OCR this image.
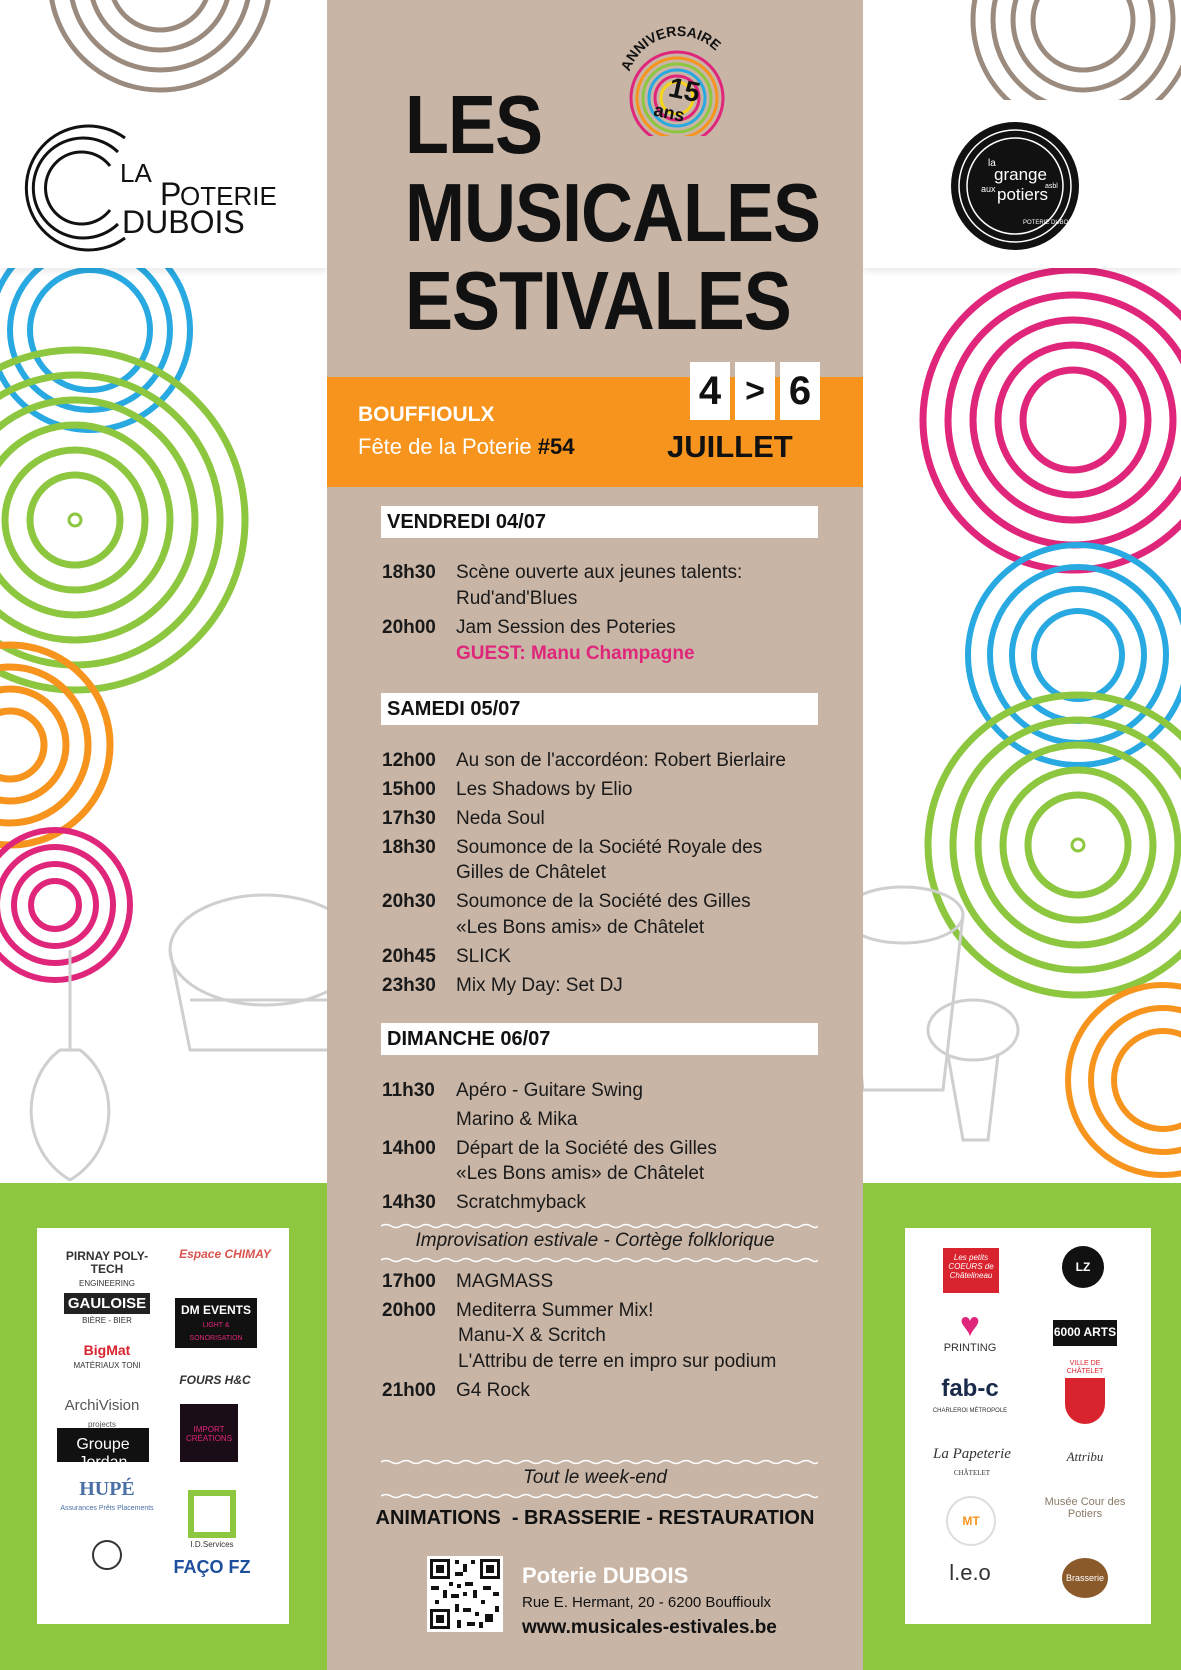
LA
P
OTERIE
DUBOIS
la
grange
aux potiers
asbl
POTERIE DUBOIS
PIRNAY POLY-TECH
ENGINEERING
Espace CHIMAY
GAULOISE
BIÈRE - BIER
DM EVENTS
LIGHT & SONORISATION
BigMat
MATÉRIAUX TONI
FOURS H&C
ArchiVision
projects
IMPORT CRÉATIONS
Groupe Jordan
HUPÉ
Assurances Prêts Placements
I.D.Services
FAÇO FZ
Les petits COEURS de Châtelineau
LZ
♥
PRINTING
6000 ARTS
fab-c
CHARLEROI MÉTROPOLE
VILLE DE CHÂTELET
La Papeterie
CHÂTELET
Attribu
MT
Musée Cour des Potiers
l.e.o	Brasserie
ANNIVERSAIRE
15
ans
LES
MUSICALES
ESTIVALES
BOUFFIOULX
Fête de la Poterie #54	JUILLET
4 > 6
VENDREDI 04/07
18h30 Scène ouverte aux jeunes talents:
Rud'and'Blues
20h00 Jam Session des Poteries
GUEST: Manu Champagne
SAMEDI 05/07
12h00 Au son de l'accordéon: Robert Bierlaire
15h00 Les Shadows by Elio
17h30 Neda Soul
18h30 Soumonce de la Société Royale des
Gilles de Châtelet
20h30 Soumonce de la Société des Gilles
«Les Bons amis» de Châtelet
20h45 SLICK
23h30 Mix My Day: Set DJ
DIMANCHE 06/07
11h30 Apéro - Guitare Swing
Marino & Mika
14h00 Départ de la Société des Gilles
«Les Bons amis» de Châtelet
14h30 Scratchmyback
Improvisation estivale - Cortège folklorique
17h00 MAGMASS
20h00 Mediterra Summer Mix!
Manu-X & Scritch
L'Attribu de terre en impro sur podium
21h00 G4 Rock
Tout le week-end
ANIMATIONS  - BRASSERIE - RESTAURATION
Poterie DUBOIS
Rue E. Hermant, 20 - 6200 Bouffioulx
www.musicales-estivales.be
